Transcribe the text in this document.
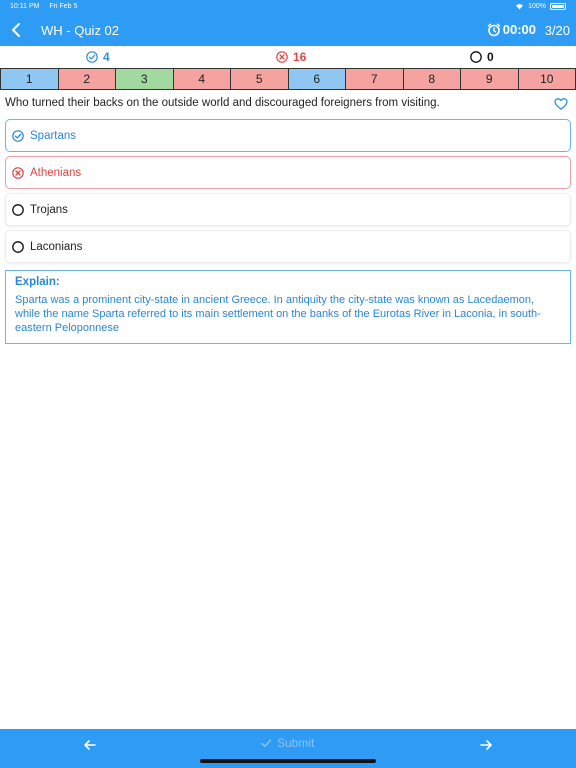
10:11 PM Fri Feb 5	100%
WH - Quiz 02	00:00 3/20
4	16	0
1	2	3	4	5	6	7	8	9	10
Who turned their backs on the outside world and discouraged foreigners from visiting.
Spartans
Athenians
Trojans
Laconians
Explain:
Sparta was a prominent city-state in ancient Greece. In antiquity the city-state was known as Lacedaemon, while the name Sparta referred to its main settlement on the banks of the Eurotas River in Laconia, in south-eastern Peloponnese
Submit
